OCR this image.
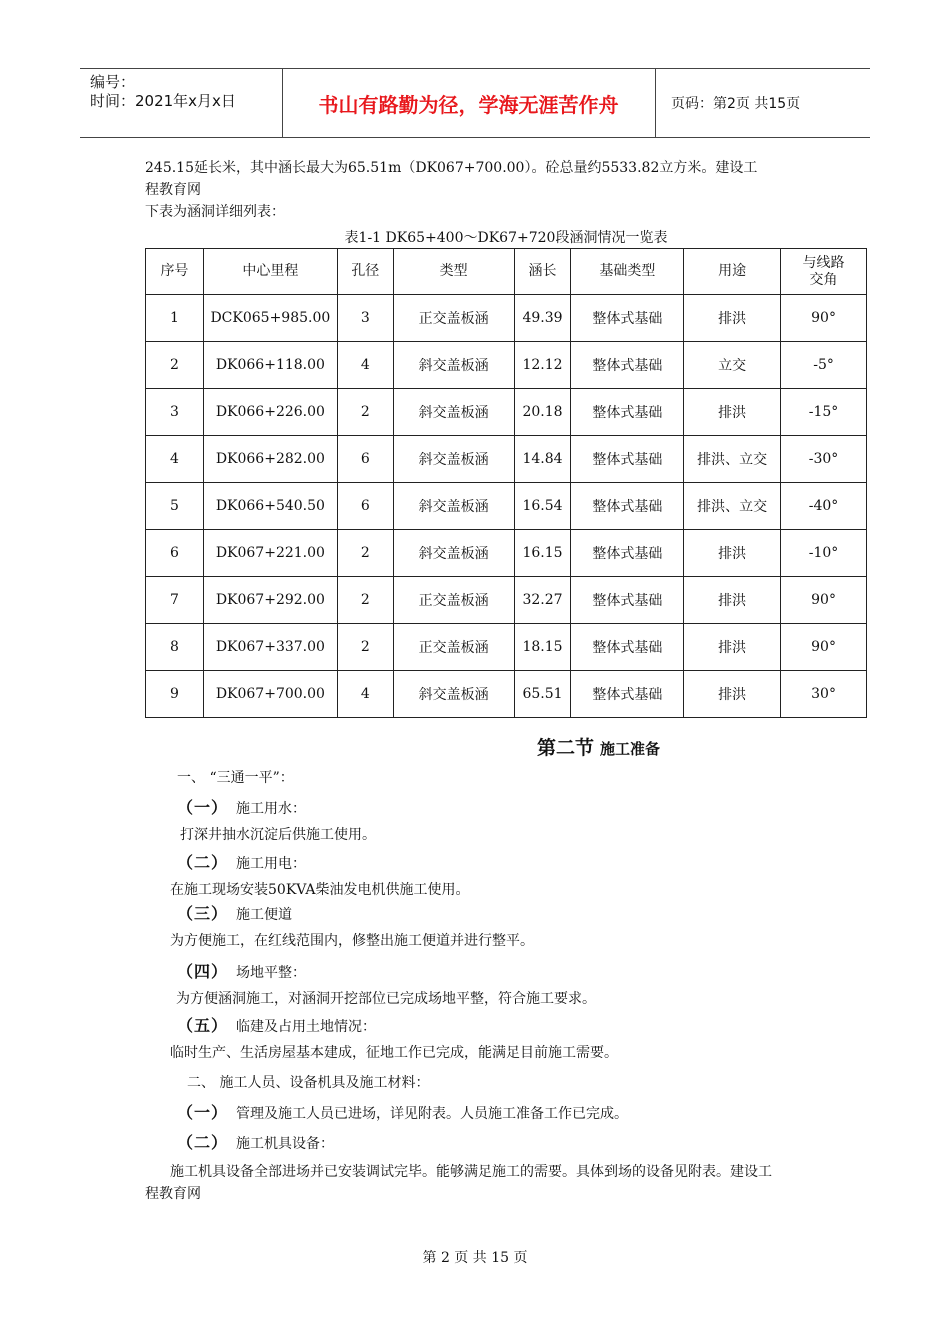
编号：
时间：2021年x月x日	书山有路勤为径，学海无涯苦作舟	页码：第2页 共15页
245.15延长米，其中涵长最大为65.51m（DK067+700.00）。砼总量约5533.82立方米。建设工
程教育网
下表为涵洞详细列表：
表1-1 DK65+400～DK67+720段涵洞情况一览表
序号	中心里程	孔径	类型	涵长	基础类型	用途	与线路
交角
1	DCK065+985.00	3	正交盖板涵	49.39	整体式基础	排洪	90°
2	DK066+118.00	4	斜交盖板涵	12.12	整体式基础	立交	-5°
3	DK066+226.00	2	斜交盖板涵	20.18	整体式基础	排洪	-15°
4	DK066+282.00	6	斜交盖板涵	14.84	整体式基础	排洪、立交	-30°
5	DK066+540.50	6	斜交盖板涵	16.54	整体式基础	排洪、立交	-40°
6	DK067+221.00	2	斜交盖板涵	16.15	整体式基础	排洪	-10°
7	DK067+292.00	2	正交盖板涵	32.27	整体式基础	排洪	90°
8	DK067+337.00	2	正交盖板涵	18.15	整体式基础	排洪	90°
9	DK067+700.00	4	斜交盖板涵	65.51	整体式基础	排洪	30°
第二节 施工准备
一、 “三通一平”：
（一） 施工用水：
打深井抽水沉淀后供施工使用。
（二） 施工用电：
在施工现场安装50KVA柴油发电机供施工使用。
（三） 施工便道
为方便施工，在红线范围内，修整出施工便道并进行整平。
（四） 场地平整：
为方便涵洞施工，对涵洞开挖部位已完成场地平整，符合施工要求。
（五） 临建及占用土地情况：
临时生产、生活房屋基本建成，征地工作已完成，能满足目前施工需要。
二、 施工人员、设备机具及施工材料：
（一） 管理及施工人员已进场，详见附表。人员施工准备工作已完成。
（二） 施工机具设备：
施工机具设备全部进场并已安装调试完毕。能够满足施工的需要。具体到场的设备见附表。建设工
程教育网
第 2 页 共 15 页
